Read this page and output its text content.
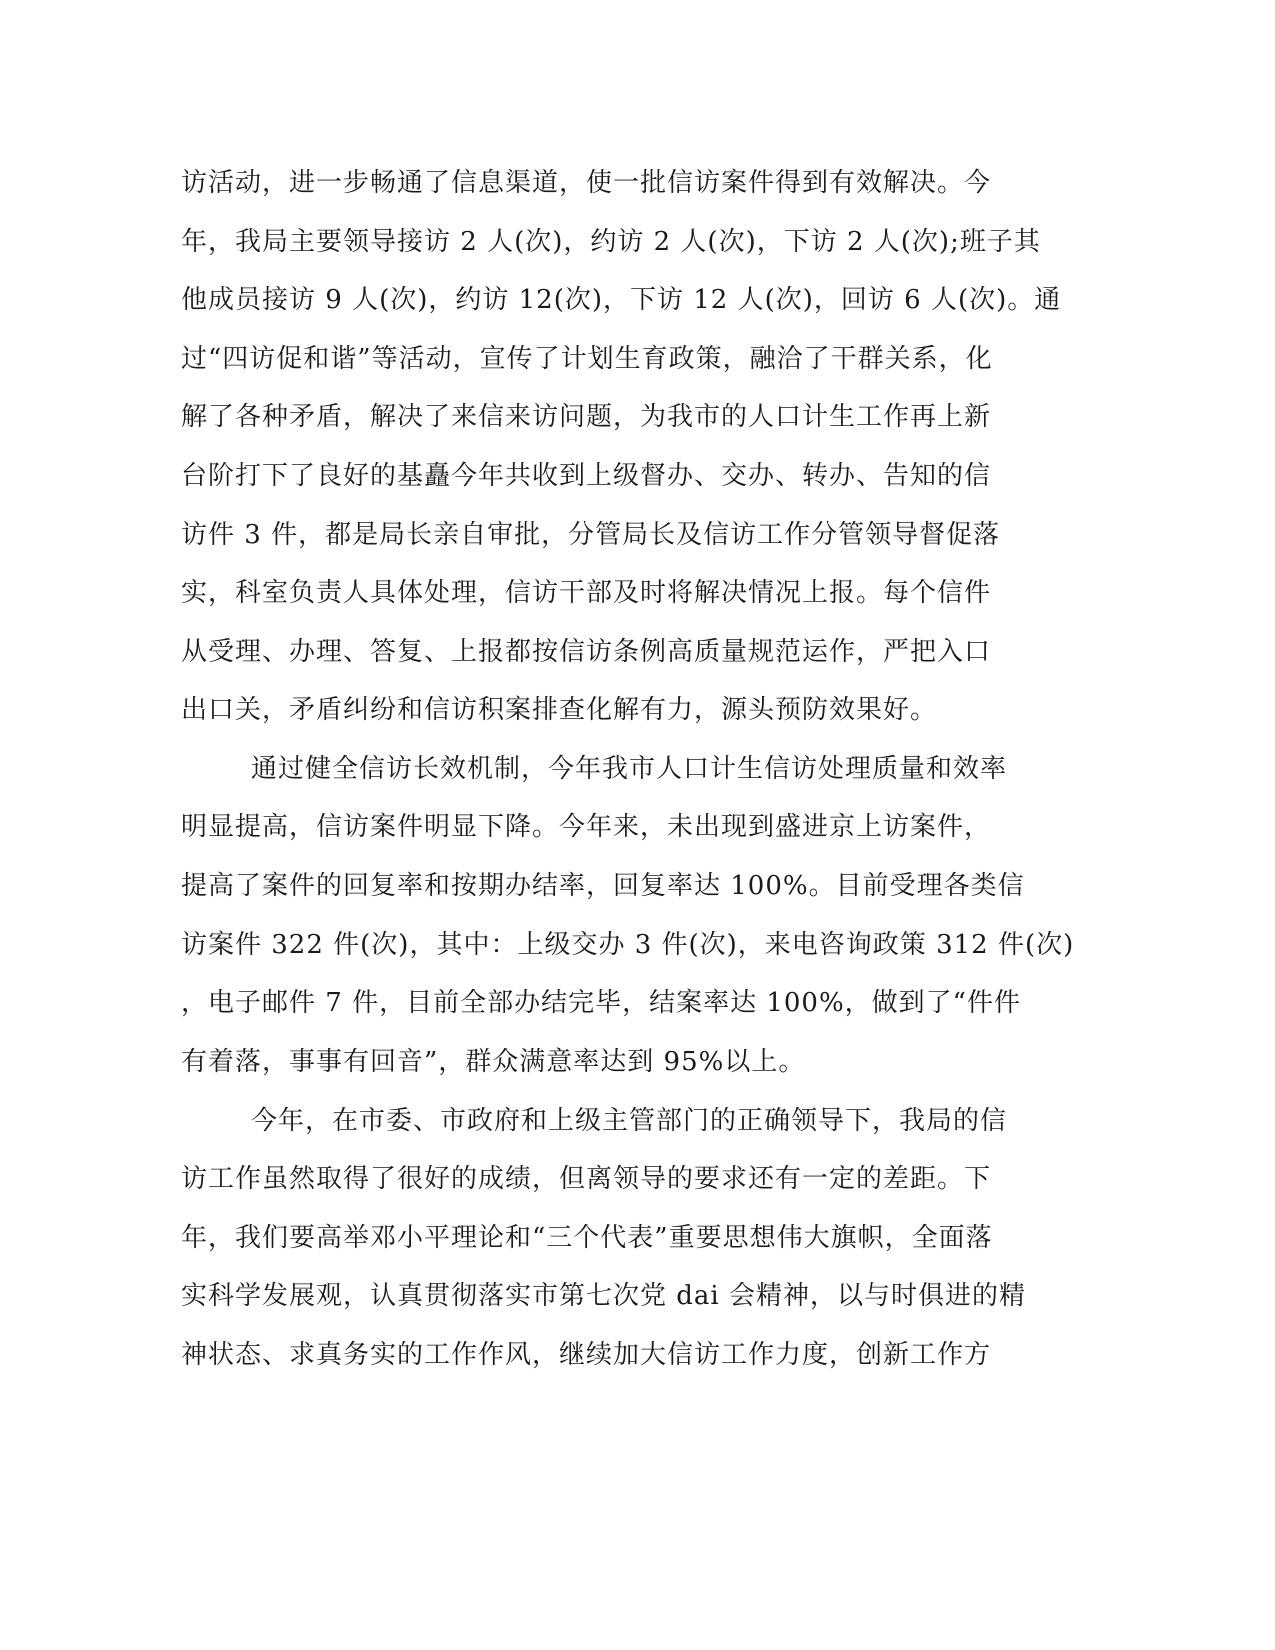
访活动，进一步畅通了信息渠道，使一批信访案件得到有效解决。今
年，我局主要领导接访 2 人(次)，约访 2 人(次)，下访 2 人(次);班子其
他成员接访 9 人(次)，约访 12(次)，下访 12 人(次)，回访 6 人(次)。通
过“四访促和谐”等活动，宣传了计划生育政策，融洽了干群关系，化
解了各种矛盾，解决了来信来访问题，为我市的人口计生工作再上新
台阶打下了良好的基矗今年共收到上级督办、交办、转办、告知的信
访件 3 件，都是局长亲自审批，分管局长及信访工作分管领导督促落
实，科室负责人具体处理，信访干部及时将解决情况上报。每个信件
从受理、办理、答复、上报都按信访条例高质量规范运作，严把入口
出口关，矛盾纠纷和信访积案排查化解有力，源头预防效果好。
通过健全信访长效机制，今年我市人口计生信访处理质量和效率
明显提高，信访案件明显下降。今年来，未出现到盛进京上访案件，
提高了案件的回复率和按期办结率，回复率达 100%。目前受理各类信
访案件 322 件(次)，其中：上级交办 3 件(次)，来电咨询政策 312 件(次)
，电子邮件 7 件，目前全部办结完毕，结案率达 100%，做到了“件件
有着落，事事有回音”，群众满意率达到 95%以上。
今年，在市委、市政府和上级主管部门的正确领导下，我局的信
访工作虽然取得了很好的成绩，但离领导的要求还有一定的差距。下
年，我们要高举邓小平理论和“三个代表”重要思想伟大旗帜，全面落
实科学发展观，认真贯彻落实市第七次党 dai 会精神，以与时俱进的精
神状态、求真务实的工作作风，继续加大信访工作力度，创新工作方
